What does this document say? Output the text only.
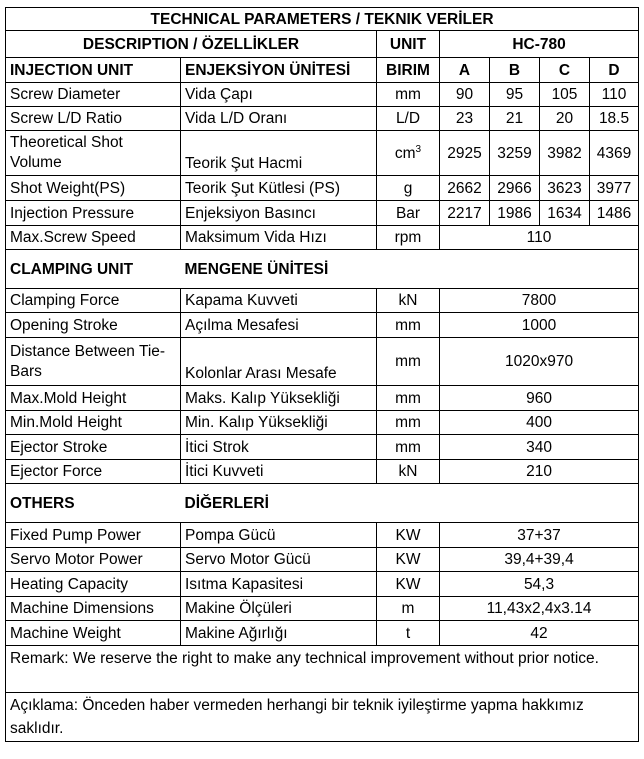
TECHNICAL PARAMETERS / TEKNIK VERİLER						
DESCRIPTION / ÖZELLİKLER		UNIT	HC-780			
INJECTION UNIT	ENJEKSİYON ÜNİTESİ	BIRIM	A	B	C	D
Screw Diameter	Vida Çapı	mm	90	95	105	110
Screw L/D Ratio	Vida L/D Oranı	L/D	23	21	20	18.5
Theoretical Shot Volume	Teorik Şut Hacmi	$cm^3$	2925	3259	3982	4369
Shot Weight(PS)	Teorik Şut Kütlesi (PS)	g	2662	2966	3623	3977
Injection Pressure	Enjeksiyon Basıncı	Bar	2217	1986	1634	1486
Max.Screw Speed	Maksimum Vida Hızı	rpm	110			
CLAMPING UNIT	MENGENE ÜNİTESİ					
Clamping Force	Kapama Kuvveti	kN	7800			
Opening Stroke	Açılma Mesafesi	mm	1000			
Distance Between Tie-Bars	Kolonlar Arası Mesafe	mm	1020x970			
Max.Mold Height	Maks. Kalıp Yüksekliği	mm	960			
Min.Mold Height	Min. Kalıp Yüksekliği	mm	400			
Ejector Stroke	İtici Strok	mm	340			
Ejector Force	İtici Kuvveti	kN	210			
OTHERS	DİĞERLERİ					
Fixed Pump Power	Pompa Gücü	KW	37+37			
Servo Motor Power	Servo Motor Gücü	KW	39,4+39,4			
Heating Capacity	Isıtma Kapasitesi	KW	54,3			
Machine Dimensions	Makine Ölçüleri	m	11,43x2,4x3.14			
Machine Weight	Makine Ağırlığı	t	42			
Remark: We reserve the right to make any technical improvement without prior notice.						
Açıklama: Önceden haber vermeden herhangi bir teknik iyileştirme yapma hakkımız saklıdır.						
